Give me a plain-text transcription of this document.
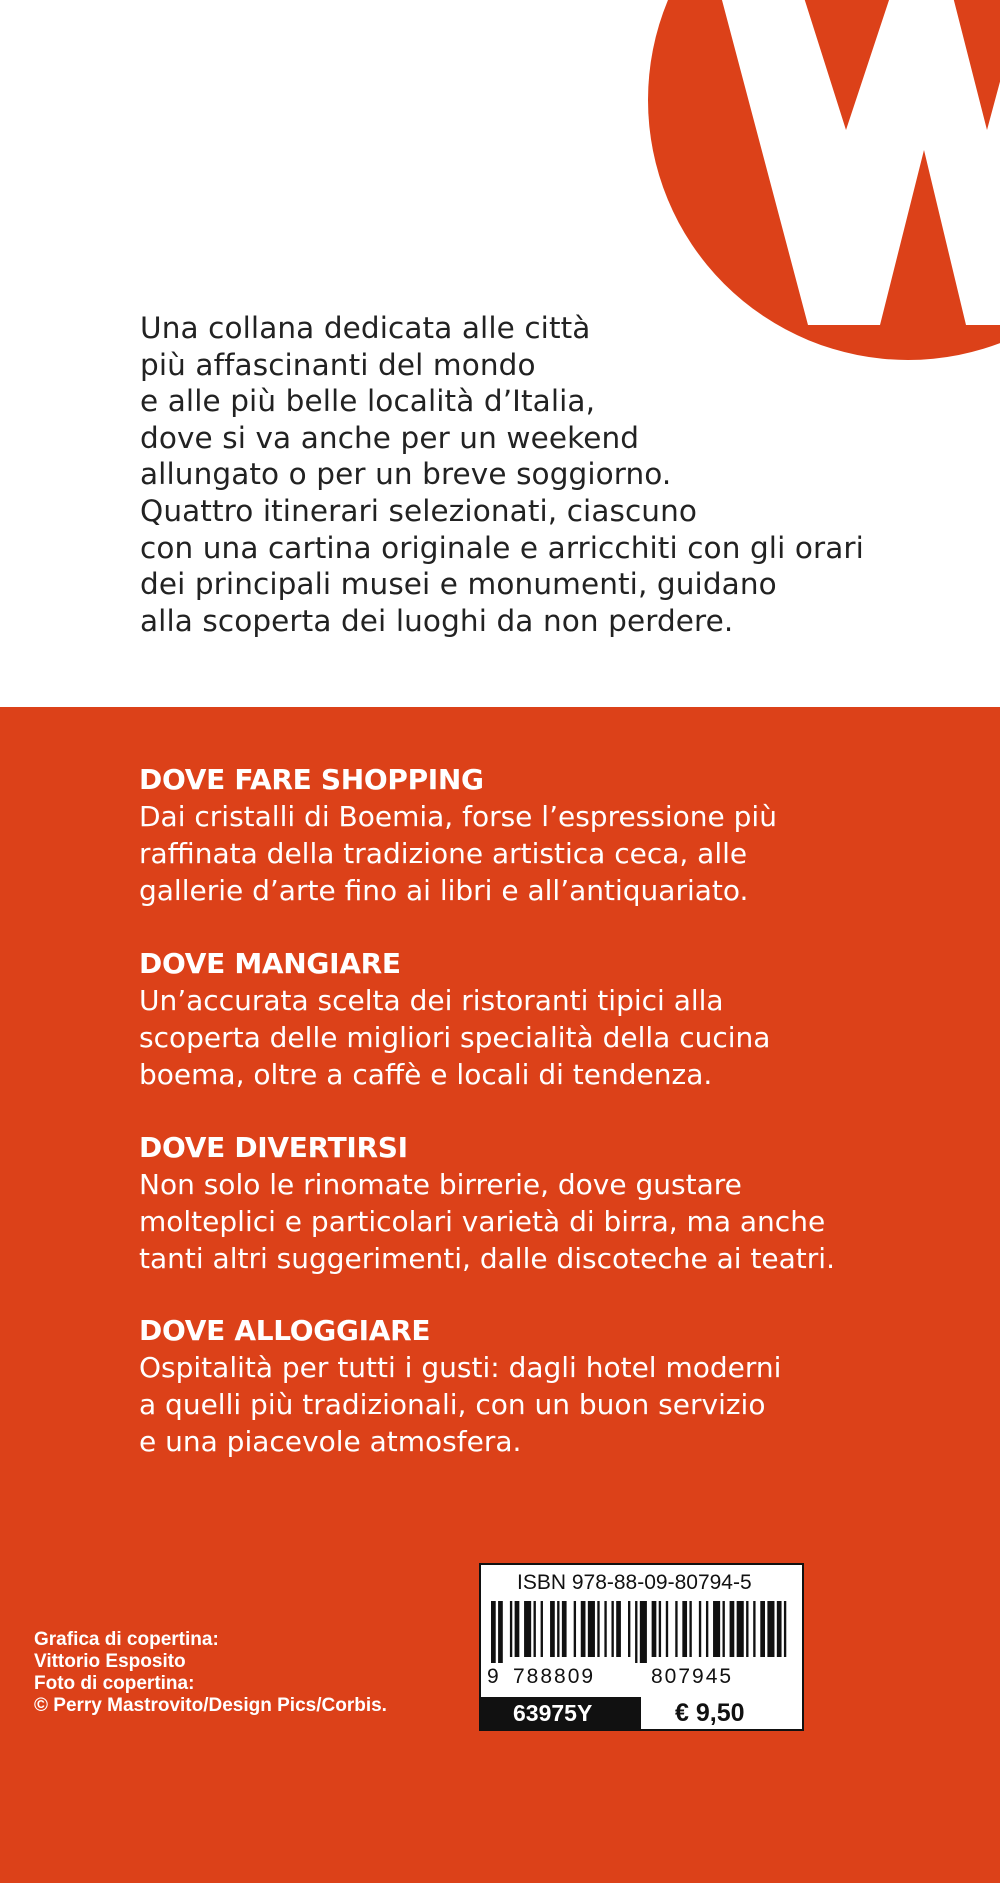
Una collana dedicata alle città
più affascinanti del mondo
e alle più belle località d’Italia,
dove si va anche per un weekend
allungato o per un breve soggiorno.
Quattro itinerari selezionati, ciascuno
con una cartina originale e arricchiti con gli orari
dei principali musei e monumenti, guidano
alla scoperta dei luoghi da non perdere.

DOVE FARE SHOPPING
Dai cristalli di Boemia, forse l’espressione più
raffinata della tradizione artistica ceca, alle
gallerie d’arte fino ai libri e all’antiquariato.
DOVE MANGIARE
Un’accurata scelta dei ristoranti tipici alla
scoperta delle migliori specialità della cucina
boema, oltre a caffè e locali di tendenza.
DOVE DIVERTIRSI
Non solo le rinomate birrerie, dove gustare
molteplici e particolari varietà di birra, ma anche
tanti altri suggerimenti, dalle discoteche ai teatri.
DOVE ALLOGGIARE
Ospitalità per tutti i gusti: dagli hotel moderni
a quelli più tradizionali, con un buon servizio
e una piacevole atmosfera.
Grafica di copertina:
Vittorio Esposito
Foto di copertina:
© Perry Mastrovito/Design Pics/Corbis.
ISBN 978-88-09-80794-5
9 788809	807945
63975Y	€ 9,50
